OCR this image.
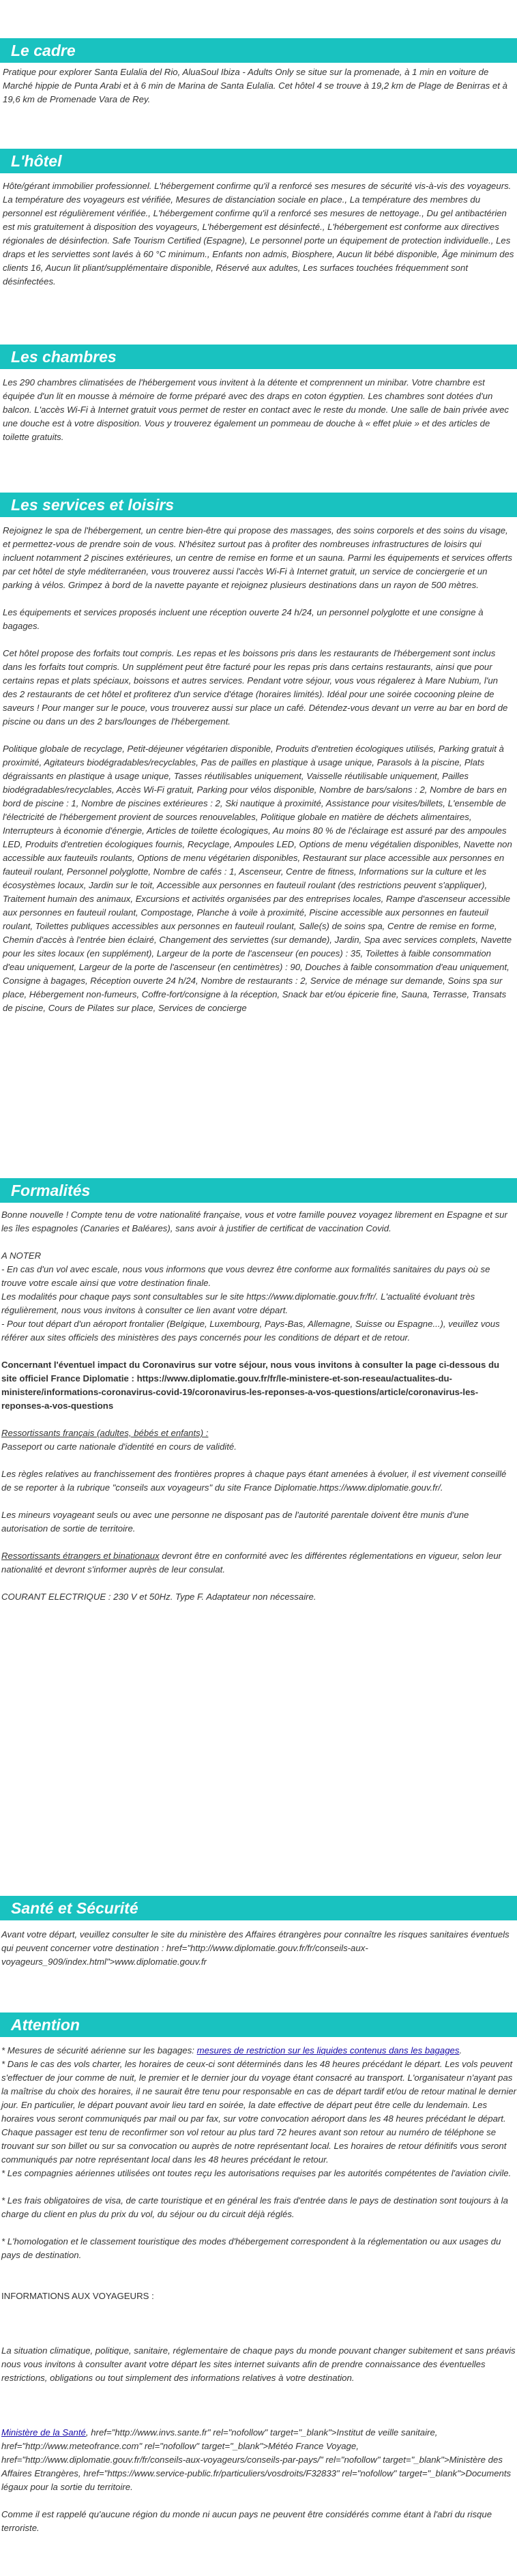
Le cadre

Pratique pour explorer Santa Eulalia del Rio, AluaSoul Ibiza - Adults Only se situe sur la promenade, à 1 min en voiture de Marché hippie de Punta Arabi et à 6 min de Marina de Santa Eulalia. Cet hôtel 4 se trouve à 19,2 km de Plage de Benirras et à 19,6 km de Promenade Vara de Rey.

L'hôtel

Hôte/gérant immobilier professionnel. L'hébergement confirme qu'il a renforcé ses mesures de sécurité vis-à-vis des voyageurs. La température des voyageurs est vérifiée, Mesures de distanciation sociale en place., La température des membres du personnel est régulièrement vérifiée., L'hébergement confirme qu'il a renforcé ses mesures de nettoyage., Du gel antibactérien est mis gratuitement à disposition des voyageurs, L'hébergement est désinfecté., L'hébergement est conforme aux directives régionales de désinfection. Safe Tourism Certified (Espagne), Le personnel porte un équipement de protection individuelle., Les draps et les serviettes sont lavés à 60 °C minimum., Enfants non admis, Biosphere, Aucun lit bébé disponible, Âge minimum des clients 16, Aucun lit pliant/supplémentaire disponible, Réservé aux adultes, Les surfaces touchées fréquemment sont désinfectées.

Les chambres

Les 290 chambres climatisées de l'hébergement vous invitent à la détente et comprennent un minibar. Votre chambre est équipée d'un lit en mousse à mémoire de forme préparé avec des draps en coton égyptien. Les chambres sont dotées d'un balcon. L'accès Wi-Fi à Internet gratuit vous permet de rester en contact avec le reste du monde. Une salle de bain privée avec une douche est à votre disposition. Vous y trouverez également un pommeau de douche à « effet pluie » et des articles de toilette gratuits.

Les services et loisirs

Rejoignez le spa de l'hébergement, un centre bien-être qui propose des massages, des soins corporels et des soins du visage, et permettez-vous de prendre soin de vous. N'hésitez surtout pas à profiter des nombreuses infrastructures de loisirs qui incluent notamment 2 piscines extérieures, un centre de remise en forme et un sauna. Parmi les équipements et services offerts par cet hôtel de style méditerranéen, vous trouverez aussi l'accès Wi-Fi à Internet gratuit, un service de conciergerie et un parking à vélos. Grimpez à bord de la navette payante et rejoignez plusieurs destinations dans un rayon de 500 mètres.

Les équipements et services proposés incluent une réception ouverte 24 h/24, un personnel polyglotte et une consigne à bagages.

Cet hôtel propose des forfaits tout compris. Les repas et les boissons pris dans les restaurants de l'hébergement sont inclus dans les forfaits tout compris. Un supplément peut être facturé pour les repas pris dans certains restaurants, ainsi que pour certains repas et plats spéciaux, boissons et autres services. Pendant votre séjour, vous vous régalerez à Mare Nubium, l'un des 2 restaurants de cet hôtel et profiterez d'un service d'étage (horaires limités). Idéal pour une soirée cocooning pleine de saveurs ! Pour manger sur le pouce, vous trouverez aussi sur place un café. Détendez-vous devant un verre au bar en bord de piscine ou dans un des 2 bars/lounges de l'hébergement.

Politique globale de recyclage, Petit-déjeuner végétarien disponible, Produits d'entretien écologiques utilisés, Parking gratuit à proximité, Agitateurs biodégradables/recyclables, Pas de pailles en plastique à usage unique, Parasols à la piscine, Plats dégraissants en plastique à usage unique, Tasses réutilisables uniquement, Vaisselle réutilisable uniquement, Pailles biodégradables/recyclables, Accès Wi-Fi gratuit, Parking pour vélos disponible, Nombre de bars/salons : 2, Nombre de bars en bord de piscine : 1, Nombre de piscines extérieures : 2, Ski nautique à proximité, Assistance pour visites/billets, L'ensemble de l'électricité de l'hébergement provient de sources renouvelables, Politique globale en matière de déchets alimentaires, Interrupteurs à économie d'énergie, Articles de toilette écologiques, Au moins 80 % de l'éclairage est assuré par des ampoules LED, Produits d'entretien écologiques fournis, Recyclage, Ampoules LED, Options de menu végétalien disponibles, Navette non accessible aux fauteuils roulants, Options de menu végétarien disponibles, Restaurant sur place accessible aux personnes en fauteuil roulant, Personnel polyglotte, Nombre de cafés : 1, Ascenseur, Centre de fitness, Informations sur la culture et les écosystèmes locaux, Jardin sur le toit, Accessible aux personnes en fauteuil roulant (des restrictions peuvent s'appliquer), Traitement humain des animaux, Excursions et activités organisées par des entreprises locales, Rampe d'ascenseur accessible aux personnes en fauteuil roulant, Compostage, Planche à voile à proximité, Piscine accessible aux personnes en fauteuil roulant, Toilettes publiques accessibles aux personnes en fauteuil roulant, Salle(s) de soins spa, Centre de remise en forme, Chemin d'accès à l'entrée bien éclairé, Changement des serviettes (sur demande), Jardin, Spa avec services complets, Navette pour les sites locaux (en supplément), Largeur de la porte de l'ascenseur (en pouces) : 35, Toilettes à faible consommation d'eau uniquement, Largeur de la porte de l'ascenseur (en centimètres) : 90, Douches à faible consommation d'eau uniquement, Consigne à bagages, Réception ouverte 24 h/24, Nombre de restaurants : 2, Service de ménage sur demande, Soins spa sur place, Hébergement non-fumeurs, Coffre-fort/consigne à la réception, Snack bar et/ou épicerie fine, Sauna, Terrasse, Transats de piscine, Cours de Pilates sur place, Services de concierge

Formalités

Bonne nouvelle ! Compte tenu de votre nationalité française, vous et votre famille pouvez voyagez librement en Espagne et sur les îles espagnoles (Canaries et Baléares), sans avoir à justifier de certificat de vaccination Covid.

A NOTER

- En cas d'un vol avec escale, nous vous informons que vous devrez être conforme aux formalités sanitaires du pays où se trouve votre escale ainsi que votre destination finale.

Les modalités pour chaque pays sont consultables sur le site https://www.diplomatie.gouv.fr/fr/. L'actualité évoluant très régulièrement, nous vous invitons à consulter ce lien avant votre départ.

- Pour tout départ d'un aéroport frontalier (Belgique, Luxembourg, Pays-Bas, Allemagne, Suisse ou Espagne...), veuillez vous référer aux sites officiels des ministères des pays concernés pour les conditions de départ et de retour.

Concernant l'éventuel impact du Coronavirus sur votre séjour, nous vous invitons à consulter la page ci-dessous du site officiel France Diplomatie : https://www.diplomatie.gouv.fr/fr/le-ministere-et-son-reseau/actualites-du-ministere/informations-coronavirus-covid-19/coronavirus-les-reponses-a-vos-questions/article/coronavirus-les-reponses-a-vos-questions

Ressortissants français (adultes, bébés et enfants) :

Passeport ou carte nationale d'identité en cours de validité.

Les règles relatives au franchissement des frontières propres à chaque pays étant amenées à évoluer, il est vivement conseillé de se reporter à la rubrique "conseils aux voyageurs" du site France Diplomatie.https://www.diplomatie.gouv.fr/.

Les mineurs voyageant seuls ou avec une personne ne disposant pas de l'autorité parentale doivent être munis d'une autorisation de sortie de territoire.

Ressortissants étrangers et binationaux devront être en conformité avec les différentes réglementations en vigueur, selon leur nationalité et devront s'informer auprès de leur consulat.

COURANT ELECTRIQUE : 230 V et 50Hz. Type F. Adaptateur non nécessaire.

Santé et Sécurité

Avant votre départ, veuillez consulter le site du ministère des Affaires étrangères pour connaître les risques sanitaires éventuels qui peuvent concerner votre destination : href="http://www.diplomatie.gouv.fr/fr/conseils-aux-voyageurs_909/index.html">www.diplomatie.gouv.fr

Attention

* Mesures de sécurité aérienne sur les bagages: mesures de restriction sur les liquides contenus dans les bagages.

* Dans le cas des vols charter, les horaires de ceux-ci sont déterminés dans les 48 heures précédant le départ. Les vols peuvent s'effectuer de jour comme de nuit, le premier et le dernier jour du voyage étant consacré au transport. L'organisateur n'ayant pas la maîtrise du choix des horaires, il ne saurait être tenu pour responsable en cas de départ tardif et/ou de retour matinal le dernier jour. En particulier, le départ pouvant avoir lieu tard en soirée, la date effective de départ peut être celle du lendemain. Les horaires vous seront communiqués par mail ou par fax, sur votre convocation aéroport dans les 48 heures précédant le départ. Chaque passager est tenu de reconfirmer son vol retour au plus tard 72 heures avant son retour au numéro de téléphone se trouvant sur son billet ou sur sa convocation ou auprès de notre représentant local. Les horaires de retour définitifs vous seront communiqués par notre représentant local dans les 48 heures précédant le retour.

* Les compagnies aériennes utilisées ont toutes reçu les autorisations requises par les autorités compétentes de l'aviation civile.

* Les frais obligatoires de visa, de carte touristique et en général les frais d'entrée dans le pays de destination sont toujours à la charge du client en plus du prix du vol, du séjour ou du circuit déjà réglés.

* L'homologation et le classement touristique des modes d'hébergement correspondent à la réglementation ou aux usages du pays de destination.

INFORMATIONS AUX VOYAGEURS :

La situation climatique, politique, sanitaire, réglementaire de chaque pays du monde pouvant changer subitement et sans préavis

nous vous invitons à consulter avant votre départ les sites internet suivants afin de prendre connaissance des éventuelles restrictions, obligations ou tout simplement des informations relatives à votre destination.

Ministère de la Santé, href="http://www.invs.sante.fr" rel="nofollow" target="_blank">Institut de veille sanitaire, href="http://www.meteofrance.com" rel="nofollow" target="_blank">Météo France Voyage, href="http://www.diplomatie.gouv.fr/fr/conseils-aux-voyageurs/conseils-par-pays/" rel="nofollow" target="_blank">Ministère des Affaires Etrangères, href="https://www.service-public.fr/particuliers/vosdroits/F32833" rel="nofollow" target="_blank">Documents légaux pour la sortie du territoire.

Comme il est rappelé qu'aucune région du monde ni aucun pays ne peuvent être considérés comme étant à l'abri du risque terroriste.
